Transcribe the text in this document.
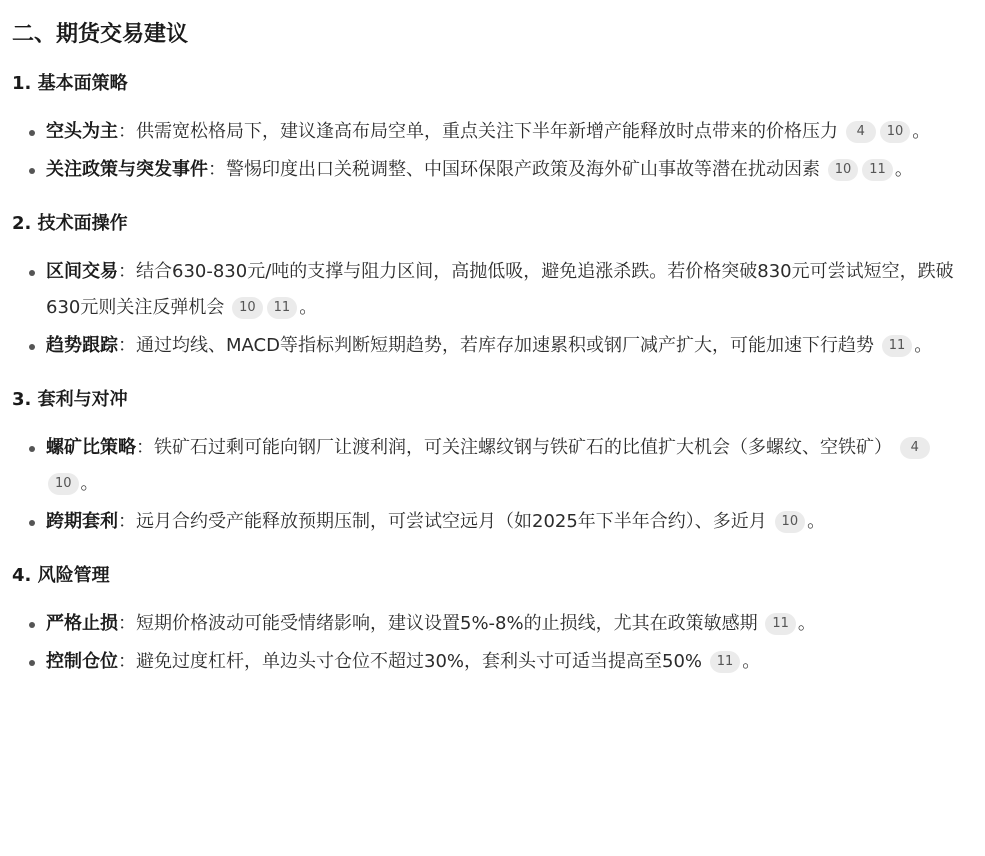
二、期货交易建议
1. 基本面策略
空头为主：供需宽松格局下，建议逢高布局空单，重点关注下半年新增产能释放时点带来的价格压力 4 10 。
关注政策与突发事件：警惕印度出口关税调整、中国环保限产政策及海外矿山事故等潜在扰动因素 10 11 。
2. 技术面操作
区间交易：结合630-830元/吨的支撑与阻力区间，高抛低吸，避免追涨杀跌。若价格突破830元可尝试短空，跌破630元则关注反弹机会 10 11 。
趋势跟踪：通过均线、MACD等指标判断短期趋势，若库存加速累积或钢厂减产扩大，可能加速下行趋势 11 。
3. 套利与对冲
螺矿比策略：铁矿石过剩可能向钢厂让渡利润，可关注螺纹钢与铁矿石的比值扩大机会（多螺纹、空铁矿） 410 。
跨期套利：远月合约受产能释放预期压制，可尝试空远月（如2025年下半年合约）、多近月 10 。
4. 风险管理
严格止损：短期价格波动可能受情绪影响，建议设置5%-8%的止损线，尤其在政策敏感期 11 。
控制仓位：避免过度杠杆，单边头寸仓位不超过30%，套利头寸可适当提高至50% 11 。
